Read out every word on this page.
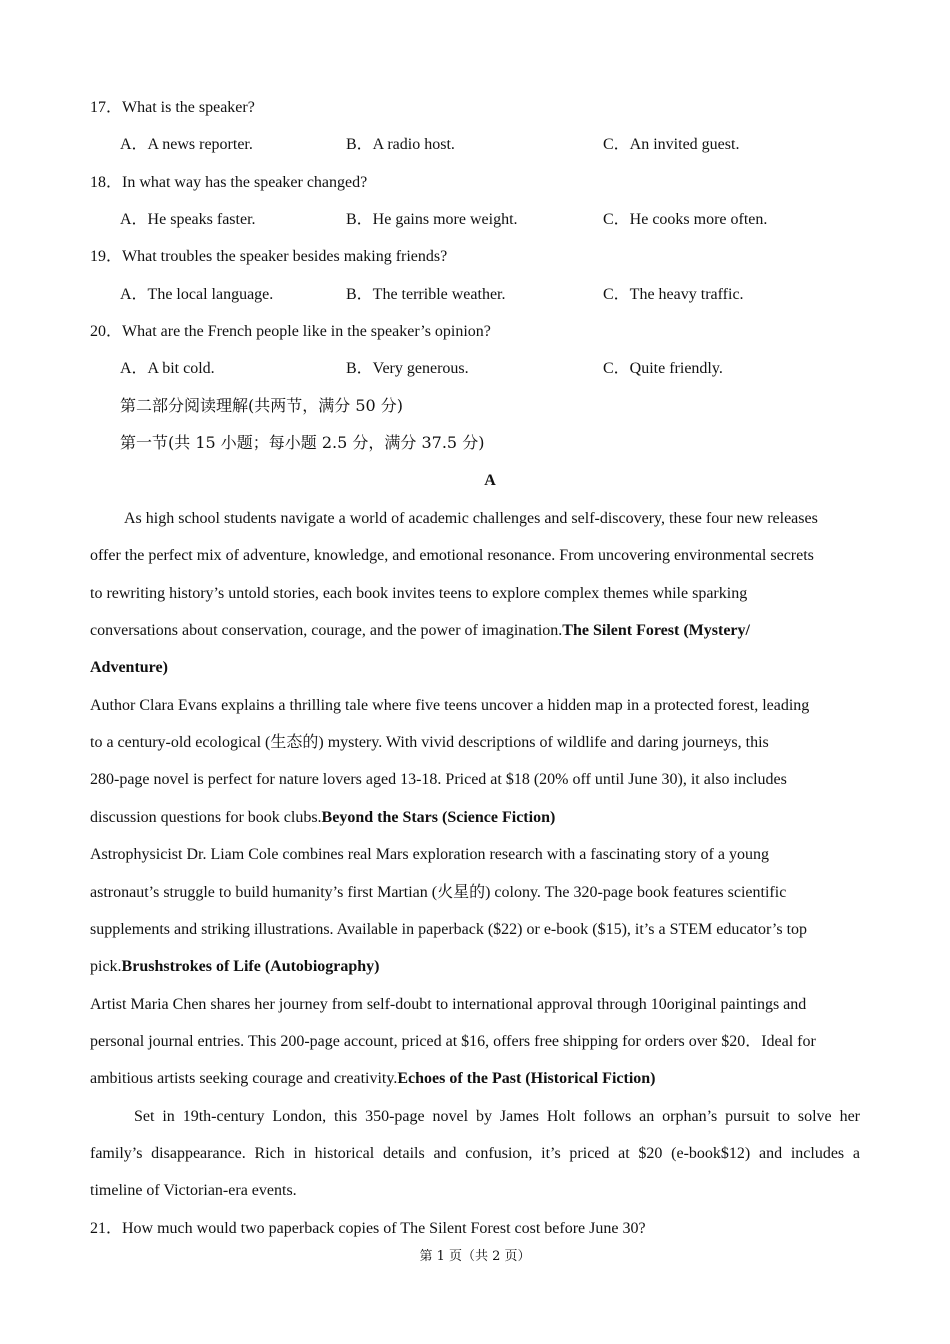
17．What is the speaker?
A．A news reporter.	B．A radio host.	C．An invited guest.
18．In what way has the speaker changed?
A．He speaks faster.	B．He gains more weight.	C．He cooks more often.
19．What troubles the speaker besides making friends?
A．The local language.	B．The terrible weather.	C．The heavy traffic.
20．What are the French people like in the speaker’s opinion?
A．A bit cold.	B．Very generous.	C．Quite friendly.
第二部分阅读理解(共两节，满分 50 分)
第一节(共 15 小题；每小题 2.5 分，满分 37.5 分)
A
As high school students navigate a world of academic challenges and self-discovery, these four new releases
offer the perfect mix of adventure, knowledge, and emotional resonance. From uncovering environmental secrets
to rewriting history’s untold stories, each book invites teens to explore complex themes while sparking
conversations about conservation, courage, and the power of imagination.The Silent Forest (Mystery/
Adventure)
Author Clara Evans explains a thrilling tale where five teens uncover a hidden map in a protected forest, leading
to a century-old ecological (生态的) mystery. With vivid descriptions of wildlife and daring journeys, this
280-page novel is perfect for nature lovers aged 13-18. Priced at $18 (20% off until June 30), it also includes
discussion questions for book clubs.Beyond the Stars (Science Fiction)
Astrophysicist Dr. Liam Cole combines real Mars exploration research with a fascinating story of a young
astronaut’s struggle to build humanity’s first Martian (火星的) colony. The 320-page book features scientific
supplements and striking illustrations. Available in paperback ($22) or e-book ($15), it’s a STEM educator’s top
pick.Brushstrokes of Life (Autobiography)
Artist Maria Chen shares her journey from self-doubt to international approval through 10original paintings and
personal journal entries. This 200-page account, priced at $16, offers free shipping for orders over $20．Ideal for
ambitious artists seeking courage and creativity.Echoes of the Past (Historical Fiction)
Set in 19th-century London, this 350-page novel by James Holt follows an orphan’s pursuit to solve her
family’s disappearance. Rich in historical details and confusion, it’s priced at $20 (e-book$12) and includes a
timeline of Victorian-era events.
21．How much would two paperback copies of The Silent Forest cost before June 30?
第 1 页（共 2 页）
